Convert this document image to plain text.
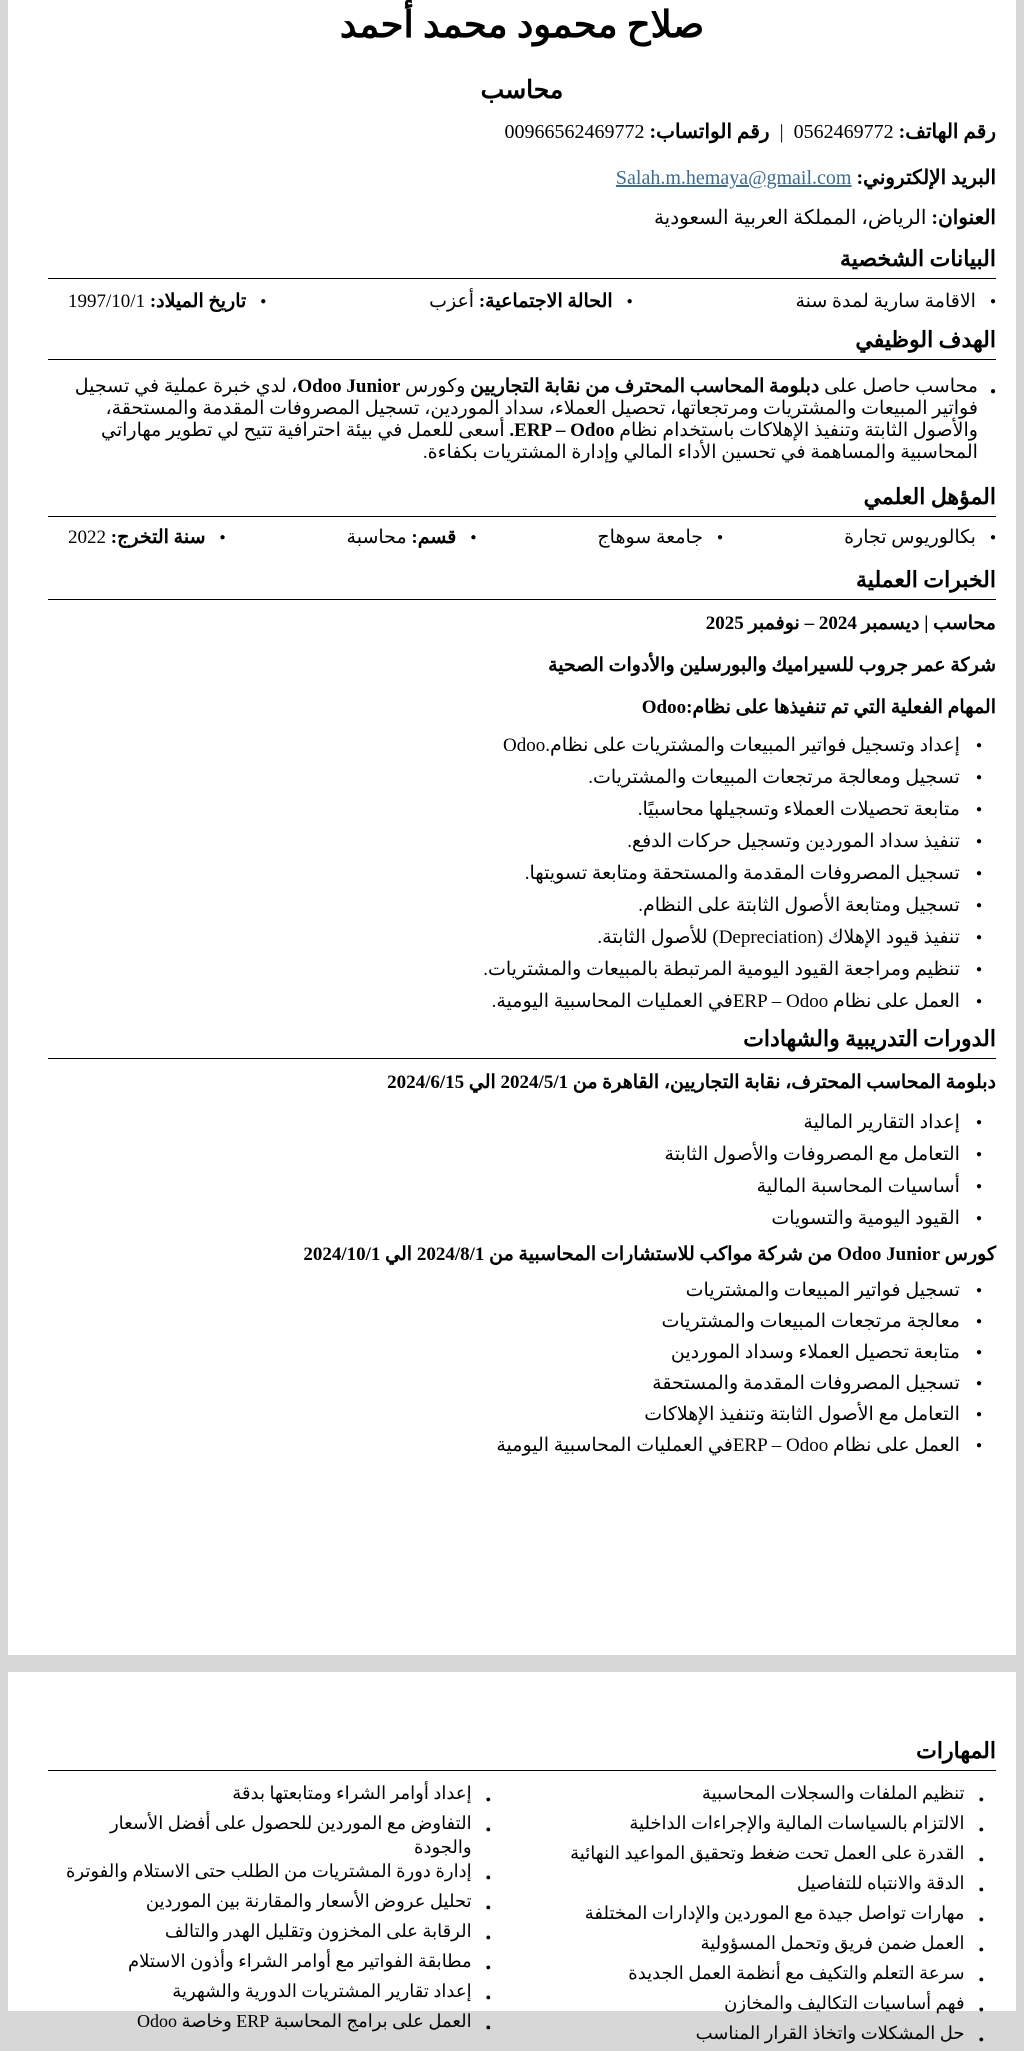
صلاح محمود محمد أحمد
محاسب

رقم الهاتف: 0562469772  |  رقم الواتساب: 00966562469772

البريد الإلكتروني: Salah.m.hemaya@gmail.com

العنوان: الرياض، المملكة العربية السعودية

البيانات الشخصية
● الاقامة سارية لمدة سنة
● الحالة الاجتماعية:

أعزب
● تاريخ الميلاد:

1997/10/1
الهدف الوظيفي
●
محاسب حاصل على دبلومة المحاسب المحترف من نقابة التجاريين وكورس Odoo Junior، لدي خبرة عملية في تسجيل فواتير المبيعات والمشتريات ومرتجعاتها، تحصيل العملاء، سداد الموردين، تسجيل المصروفات المقدمة والمستحقة، والأصول الثابتة وتنفيذ الإهلاكات باستخدام نظام ERP – Odoo. أسعى للعمل في بيئة احترافية تتيح لي تطوير مهاراتي المحاسبية والمساهمة في تحسين الأداء المالي وإدارة المشتريات بكفاءة.
المؤهل العلمي
● بكالوريوس تجارة
● جامعة سوهاج
● قسم:

محاسبة
● سنة التخرج:

2022
الخبرات العملية

محاسب | ديسمبر 2024 – نوفمبر 2025

شركة عمر جروب للسيراميك والبورسلين والأدوات الصحية

المهام الفعلية التي تم تنفيذها على نظام:Odoo

● إعداد وتسجيل فواتير المبيعات والمشتريات على نظام.Odoo
● تسجيل ومعالجة مرتجعات المبيعات والمشتريات.
● متابعة تحصيلات العملاء وتسجيلها محاسبيًا.
● تنفيذ سداد الموردين وتسجيل حركات الدفع.
● تسجيل المصروفات المقدمة والمستحقة ومتابعة تسويتها.
● تسجيل ومتابعة الأصول الثابتة على النظام.
● تنفيذ قيود الإهلاك (Depreciation) للأصول الثابتة.
● تنظيم ومراجعة القيود اليومية المرتبطة بالمبيعات والمشتريات.
● العمل على نظام ERP – Odooفي العمليات المحاسبية اليومية.
الدورات التدريبية والشهادات

دبلومة المحاسب المحترف، نقابة التجاريين، القاهرة من 2024/5/1 الي 2024/6/15

● إعداد التقارير المالية
● التعامل مع المصروفات والأصول الثابتة
● أساسيات المحاسبة المالية
● القيود اليومية والتسويات

كورس Odoo Junior من شركة مواكب للاستشارات المحاسبية من 2024/8/1 الي 2024/10/1

● تسجيل فواتير المبيعات والمشتريات
● معالجة مرتجعات المبيعات والمشتريات
● متابعة تحصيل العملاء وسداد الموردين
● تسجيل المصروفات المقدمة والمستحقة
● التعامل مع الأصول الثابتة وتنفيذ الإهلاكات
● العمل على نظام ERP – Odooفي العمليات المحاسبية اليومية
المهارات
● تنظيم الملفات والسجلات المحاسبية
● الالتزام بالسياسات المالية والإجراءات الداخلية
● القدرة على العمل تحت ضغط وتحقيق المواعيد النهائية
● الدقة والانتباه للتفاصيل
● مهارات تواصل جيدة مع الموردين والإدارات المختلفة
● العمل ضمن فريق وتحمل المسؤولية
● سرعة التعلم والتكيف مع أنظمة العمل الجديدة
● فهم أساسيات التكاليف والمخازن
● حل المشكلات واتخاذ القرار المناسب
● إعداد أوامر الشراء ومتابعتها بدقة
● التفاوض مع الموردين للحصول على أفضل الأسعار والجودة
● إدارة دورة المشتريات من الطلب حتى الاستلام والفوترة
● تحليل عروض الأسعار والمقارنة بين الموردين
● الرقابة على المخزون وتقليل الهدر والتالف
● مطابقة الفواتير مع أوامر الشراء وأذون الاستلام
● إعداد تقارير المشتريات الدورية والشهرية
● العمل على برامج المحاسبة ERP وخاصة Odoo
